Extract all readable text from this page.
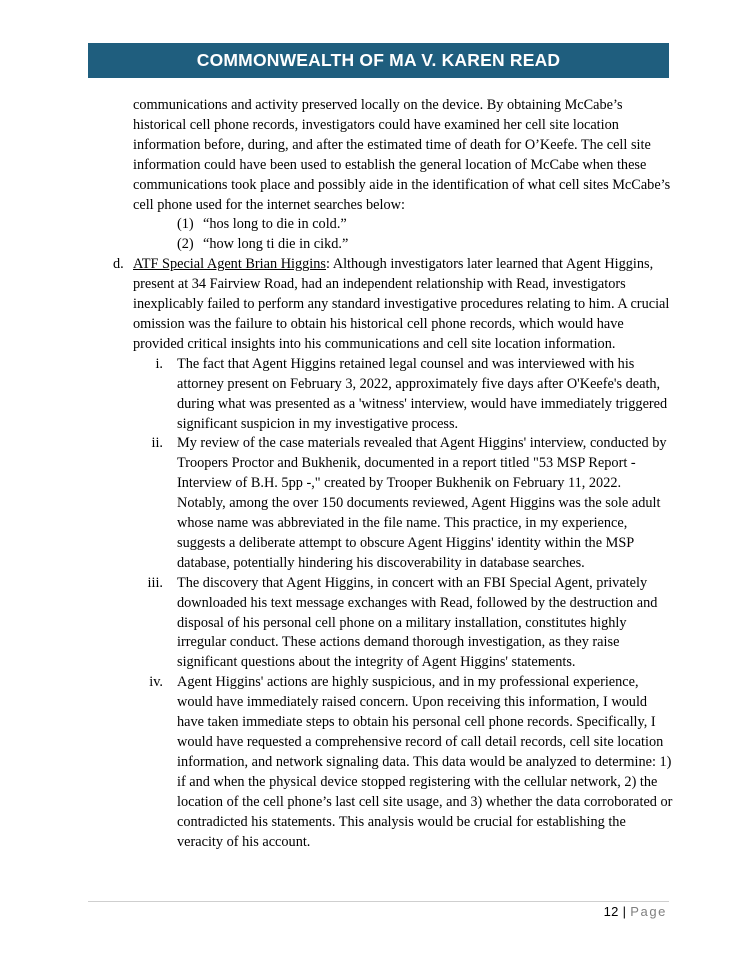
COMMONWEALTH OF MA V. KAREN READ

communications and activity preserved locally on the device. By obtaining McCabe’s historical cell phone records, investigators could have examined her cell site location information before, during, and after the estimated time of death for O’Keefe. The cell site information could have been used to establish the general location of McCabe when these communications took place and possibly aide in the identification of what cell sites McCabe’s cell phone used for the internet searches below:

(1) “hos long to die in cold.”
(2) “how long ti die in cikd.”
d. ATF Special Agent Brian Higgins: Although investigators later learned that Agent Higgins, present at 34 Fairview Road, had an independent relationship with Read, investigators inexplicably failed to perform any standard investigative procedures relating to him. A crucial omission was the failure to obtain his historical cell phone records, which would have provided critical insights into his communications and cell site location information.

i. The fact that Agent Higgins retained legal counsel and was interviewed with his attorney present on February 3, 2022, approximately five days after O'Keefe's death, during what was presented as a 'witness' interview, would have immediately triggered significant suspicion in my investigative process.

ii. My review of the case materials revealed that Agent Higgins' interview, conducted by Troopers Proctor and Bukhenik, documented in a report titled "53 MSP Report - Interview of B.H. 5pp -," created by Trooper Bukhenik on February 11, 2022. Notably, among the over 150 documents reviewed, Agent Higgins was the sole adult whose name was abbreviated in the file name. This practice, in my experience, suggests a deliberate attempt to obscure Agent Higgins' identity within the MSP database, potentially hindering his discoverability in database searches.

iii. The discovery that Agent Higgins, in concert with an FBI Special Agent, privately downloaded his text message exchanges with Read, followed by the destruction and disposal of his personal cell phone on a military installation, constitutes highly irregular conduct. These actions demand thorough investigation, as they raise significant questions about the integrity of Agent Higgins' statements.

iv. Agent Higgins' actions are highly suspicious, and in my professional experience, would have immediately raised concern. Upon receiving this information, I would have taken immediate steps to obtain his personal cell phone records. Specifically, I would have requested a comprehensive record of call detail records, cell site location information, and network signaling data. This data would be analyzed to determine: 1) if and when the physical device stopped registering with the cellular network, 2) the location of the cell phone’s last cell site usage, and 3) whether the data corroborated or contradicted his statements. This analysis would be crucial for establishing the veracity of his account.

12 | Page
